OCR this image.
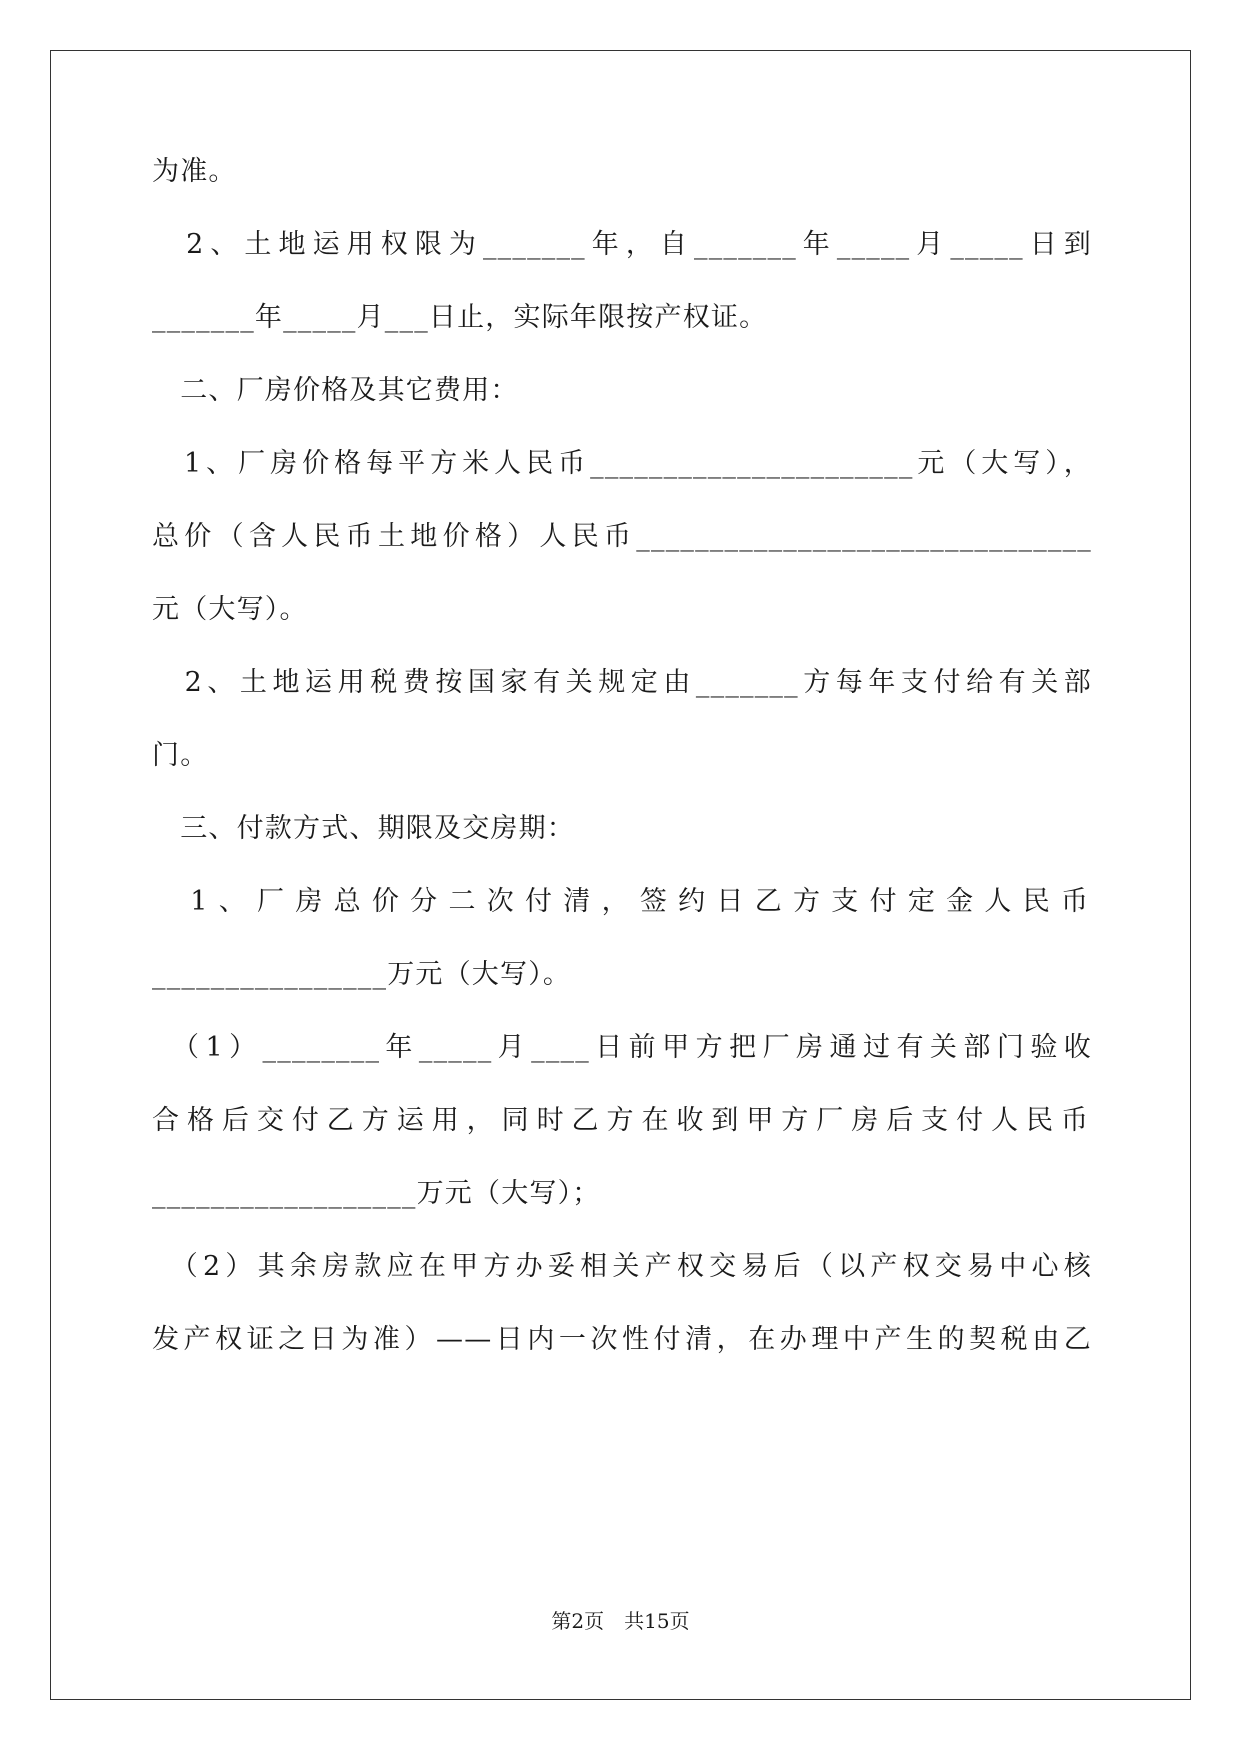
为准。
　2、土地运用权限为_______年，自_______年_____月_____日到
_______年_____月___日止，实际年限按产权证。
　二、厂房价格及其它费用：
　1、厂房价格每平方米人民币______________________元（大写），
总价（含人民币土地价格）人民币_______________________________
元（大写）。
　2、土地运用税费按国家有关规定由_______方每年支付给有关部
门。
　三、付款方式、期限及交房期：
　1、厂房总价分二次付清，签约日乙方支付定金人民币
________________万元（大写）。
　（1）________年_____月____日前甲方把厂房通过有关部门验收
合格后交付乙方运用，同时乙方在收到甲方厂房后支付人民币
__________________万元（大写）；
　（2）其余房款应在甲方办妥相关产权交易后（以产权交易中心核
发产权证之日为准）——日内一次性付清，在办理中产生的契税由乙
第2页　共15页
